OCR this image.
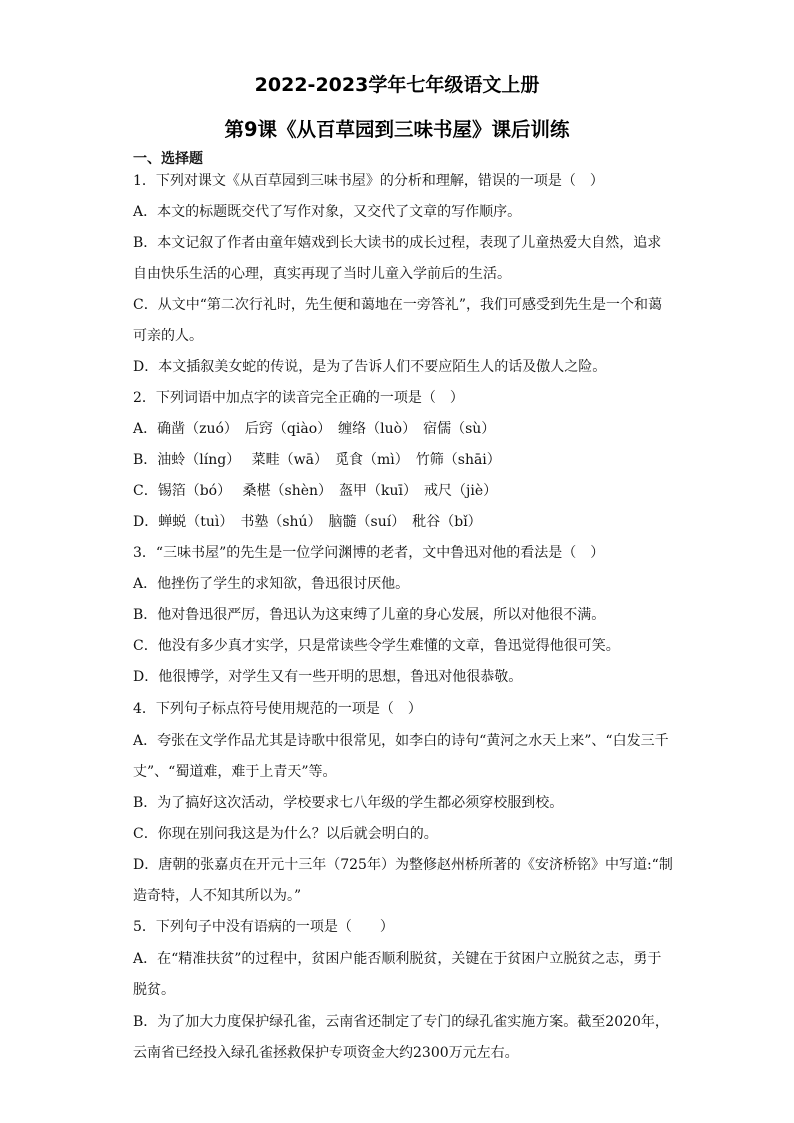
2022-2023学年七年级语文上册
第9课《从百草园到三味书屋》课后训练
一、选择题
1．下列对课文《从百草园到三味书屋》的分析和理解，错误的一项是（　）
A．本文的标题既交代了写作对象，又交代了文章的写作顺序。
B．本文记叙了作者由童年嬉戏到长大读书的成长过程，表现了儿童热爱大自然，追求
自由快乐生活的心理，真实再现了当时儿童入学前后的生活。
C．从文中“第二次行礼时，先生便和蔼地在一旁答礼”，我们可感受到先生是一个和蔼
可亲的人。
D．本文插叙美女蛇的传说，是为了告诉人们不要应陌生人的话及傲人之险。
2．下列词语中加点字的读音完全正确的一项是（　）
A．确凿（zuó）　后窍（qiào）　缠络（luò）　宿儒（sù）
B．油蛉（líng）　 菜畦（wā）　觅食（mì）　竹筛（shāi）
C．锡箔（bó）　 桑椹（shèn）　盔甲（kuī）　戒尺（jiè）
D．蝉蜕（tuì）　书塾（shú）　脑髓（suí）　秕谷（bǐ）
3．“三味书屋”的先生是一位学问渊博的老者，文中鲁迅对他的看法是（　）
A．他挫伤了学生的求知欲，鲁迅很讨厌他。
B．他对鲁迅很严厉，鲁迅认为这束缚了儿童的身心发展，所以对他很不满。
C．他没有多少真才实学，只是常读些令学生难懂的文章，鲁迅觉得他很可笑。
D．他很博学，对学生又有一些开明的思想，鲁迅对他很恭敬。
4．下列句子标点符号使用规范的一项是（　）
A．夸张在文学作品尤其是诗歌中很常见，如李白的诗句“黄河之水天上来”、“白发三千
丈”、“蜀道难，难于上青天”等。
B．为了搞好这次活动，学校要求七八年级的学生都必须穿校服到校。
C．你现在别问我这是为什么？以后就会明白的。
D．唐朝的张嘉贞在开元十三年（725年）为整修赵州桥所著的《安济桥铭》中写道:“制
造奇特，人不知其所以为。”
5．下列句子中没有语病的一项是（　　）
A．在“精准扶贫”的过程中，贫困户能否顺利脱贫，关键在于贫困户立脱贫之志，勇于
脱贫。
B．为了加大力度保护绿孔雀，云南省还制定了专门的绿孔雀实施方案。截至2020年，
云南省已经投入绿孔雀拯救保护专项资金大约2300万元左右。
